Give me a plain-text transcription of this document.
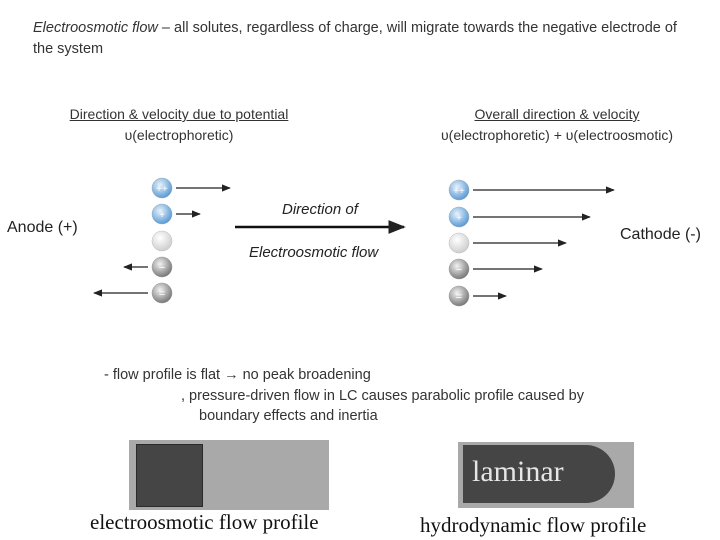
Electroosmotic flow – all solutes, regardless of charge, will migrate towards the negative electrode of the system
Direction & velocity due to potential
υ(electrophoretic)
Overall direction & velocity
υ(electrophoretic) + υ(electroosmotic)
Anode (+)	Cathode (-)
Direction of
Electroosmotic flow
++
+
−
=
++
+
−
=
- flow profile is flat → no peak broadening
, pressure-driven flow in LC causes parabolic profile caused by
boundary effects and inertia
laminar
electroosmotic flow profile	hydrodynamic flow profile
